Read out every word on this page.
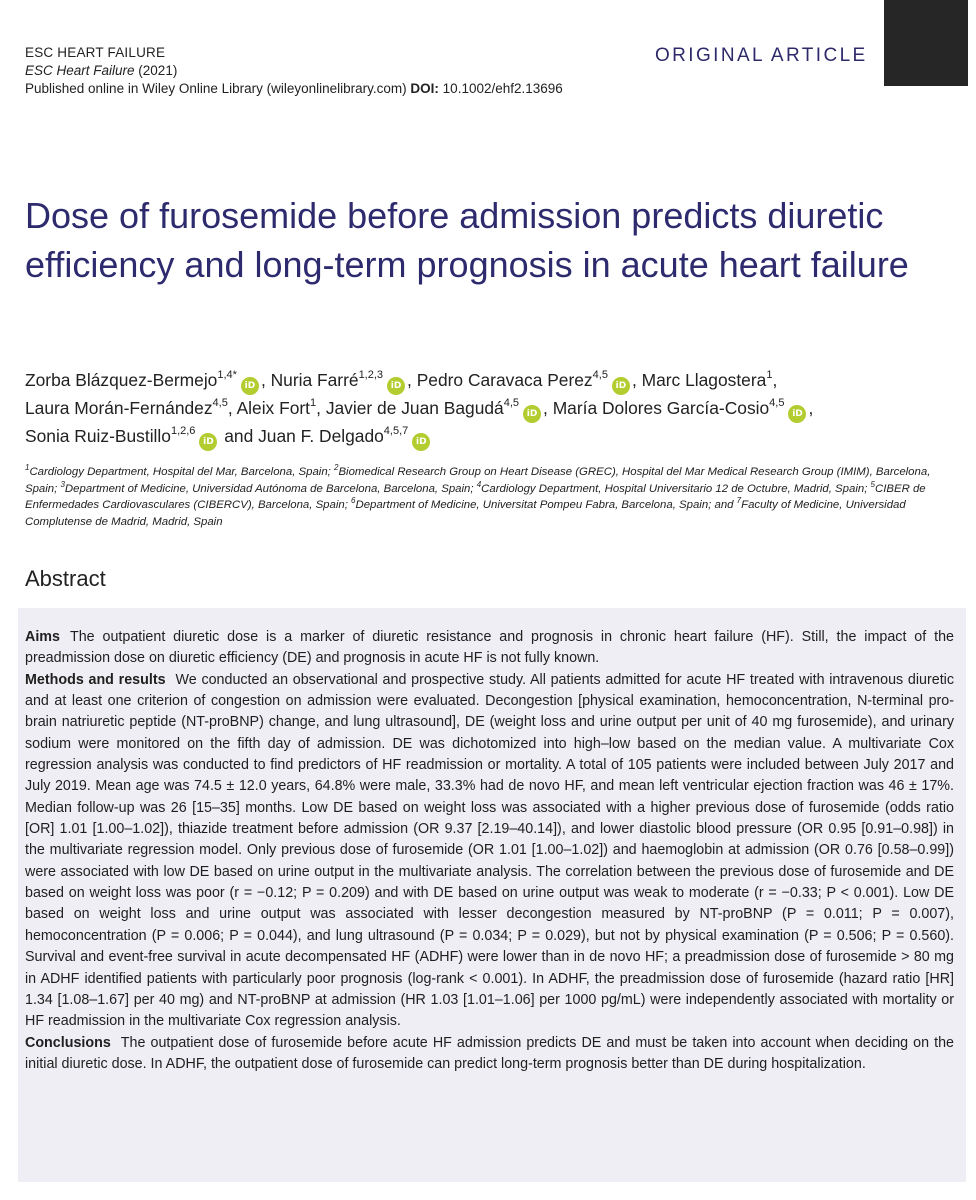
ESC HEART FAILURE
ESC Heart Failure (2021)
Published online in Wiley Online Library (wileyonlinelibrary.com) DOI: 10.1002/ehf2.13696
ORIGINAL ARTICLE
Dose of furosemide before admission predicts diuretic efficiency and long-term prognosis in acute heart failure
Zorba Blázquez-Bermejo$^{1,4*}$iD , Nuria Farré$^{1,2,3}$iD , Pedro Caravaca Perez$^{4,5}$iD , Marc Llagostera$^1$,
Laura Morán-Fernández$^{4,5}$, Aleix Fort$^1$, Javier de Juan Bagudá$^{4,5}$iD , María Dolores García-Cosio$^{4,5}$iD ,
Sonia Ruiz-Bustillo$^{1,2,6}$iD and Juan F. Delgado$^{4,5,7}$iD
$^1$Cardiology Department, Hospital del Mar, Barcelona, Spain; $^2$Biomedical Research Group on Heart Disease (GREC), Hospital del Mar Medical Research Group (IMIM), Barcelona, Spain; $^3$Department of Medicine, Universidad Autónoma de Barcelona, Barcelona, Spain; $^4$Cardiology Department, Hospital Universitario 12 de Octubre, Madrid, Spain; $^5$CIBER de Enfermedades Cardiovasculares (CIBERCV), Barcelona, Spain; $^6$Department of Medicine, Universitat Pompeu Fabra, Barcelona, Spain; and $^7$Faculty of Medicine, Universidad Complutense de Madrid, Madrid, Spain
Abstract

Aims The outpatient diuretic dose is a marker of diuretic resistance and prognosis in chronic heart failure (HF). Still, the impact of the preadmission dose on diuretic efficiency (DE) and prognosis in acute HF is not fully known.

Methods and results We conducted an observational and prospective study. All patients admitted for acute HF treated with intravenous diuretic and at least one criterion of congestion on admission were evaluated. Decongestion [physical examination, hemoconcentration, N-terminal pro-brain natriuretic peptide (NT-proBNP) change, and lung ultrasound], DE (weight loss and urine output per unit of 40 mg furosemide), and urinary sodium were monitored on the fifth day of admission. DE was dichotomized into high–low based on the median value. A multivariate Cox regression analysis was conducted to find predictors of HF readmission or mortality. A total of 105 patients were included between July 2017 and July 2019. Mean age was 74.5 ± 12.0 years, 64.8% were male, 33.3% had de novo HF, and mean left ventricular ejection fraction was 46 ± 17%. Median follow-up was 26 [15–35] months. Low DE based on weight loss was associated with a higher previous dose of furosemide (odds ratio [OR] 1.01 [1.00–1.02]), thiazide treatment before admission (OR 9.37 [2.19–40.14]), and lower diastolic blood pressure (OR 0.95 [0.91–0.98]) in the multivariate regression model. Only previous dose of furosemide (OR 1.01 [1.00–1.02]) and haemoglobin at admission (OR 0.76 [0.58–0.99]) were associated with low DE based on urine output in the multivariate analysis. The correlation between the previous dose of furosemide and DE based on weight loss was poor (r = −0.12; P = 0.209) and with DE based on urine output was weak to moderate (r = −0.33; P < 0.001). Low DE based on weight loss and urine output was associated with lesser decongestion measured by NT-proBNP (P = 0.011; P = 0.007), hemoconcentration (P = 0.006; P = 0.044), and lung ultrasound (P = 0.034; P = 0.029), but not by physical examination (P = 0.506; P = 0.560). Survival and event-free survival in acute decompensated HF (ADHF) were lower than in de novo HF; a preadmission dose of furosemide > 80 mg in ADHF identified patients with particularly poor prognosis (log-rank < 0.001). In ADHF, the preadmission dose of furosemide (hazard ratio [HR] 1.34 [1.08–1.67] per 40 mg) and NT-proBNP at admission (HR 1.03 [1.01–1.06] per 1000 pg/mL) were independently associated with mortality or HF readmission in the multivariate Cox regression analysis.

Conclusions The outpatient dose of furosemide before acute HF admission predicts DE and must be taken into account when deciding on the initial diuretic dose. In ADHF, the outpatient dose of furosemide can predict long-term prognosis better than DE during hospitalization.
